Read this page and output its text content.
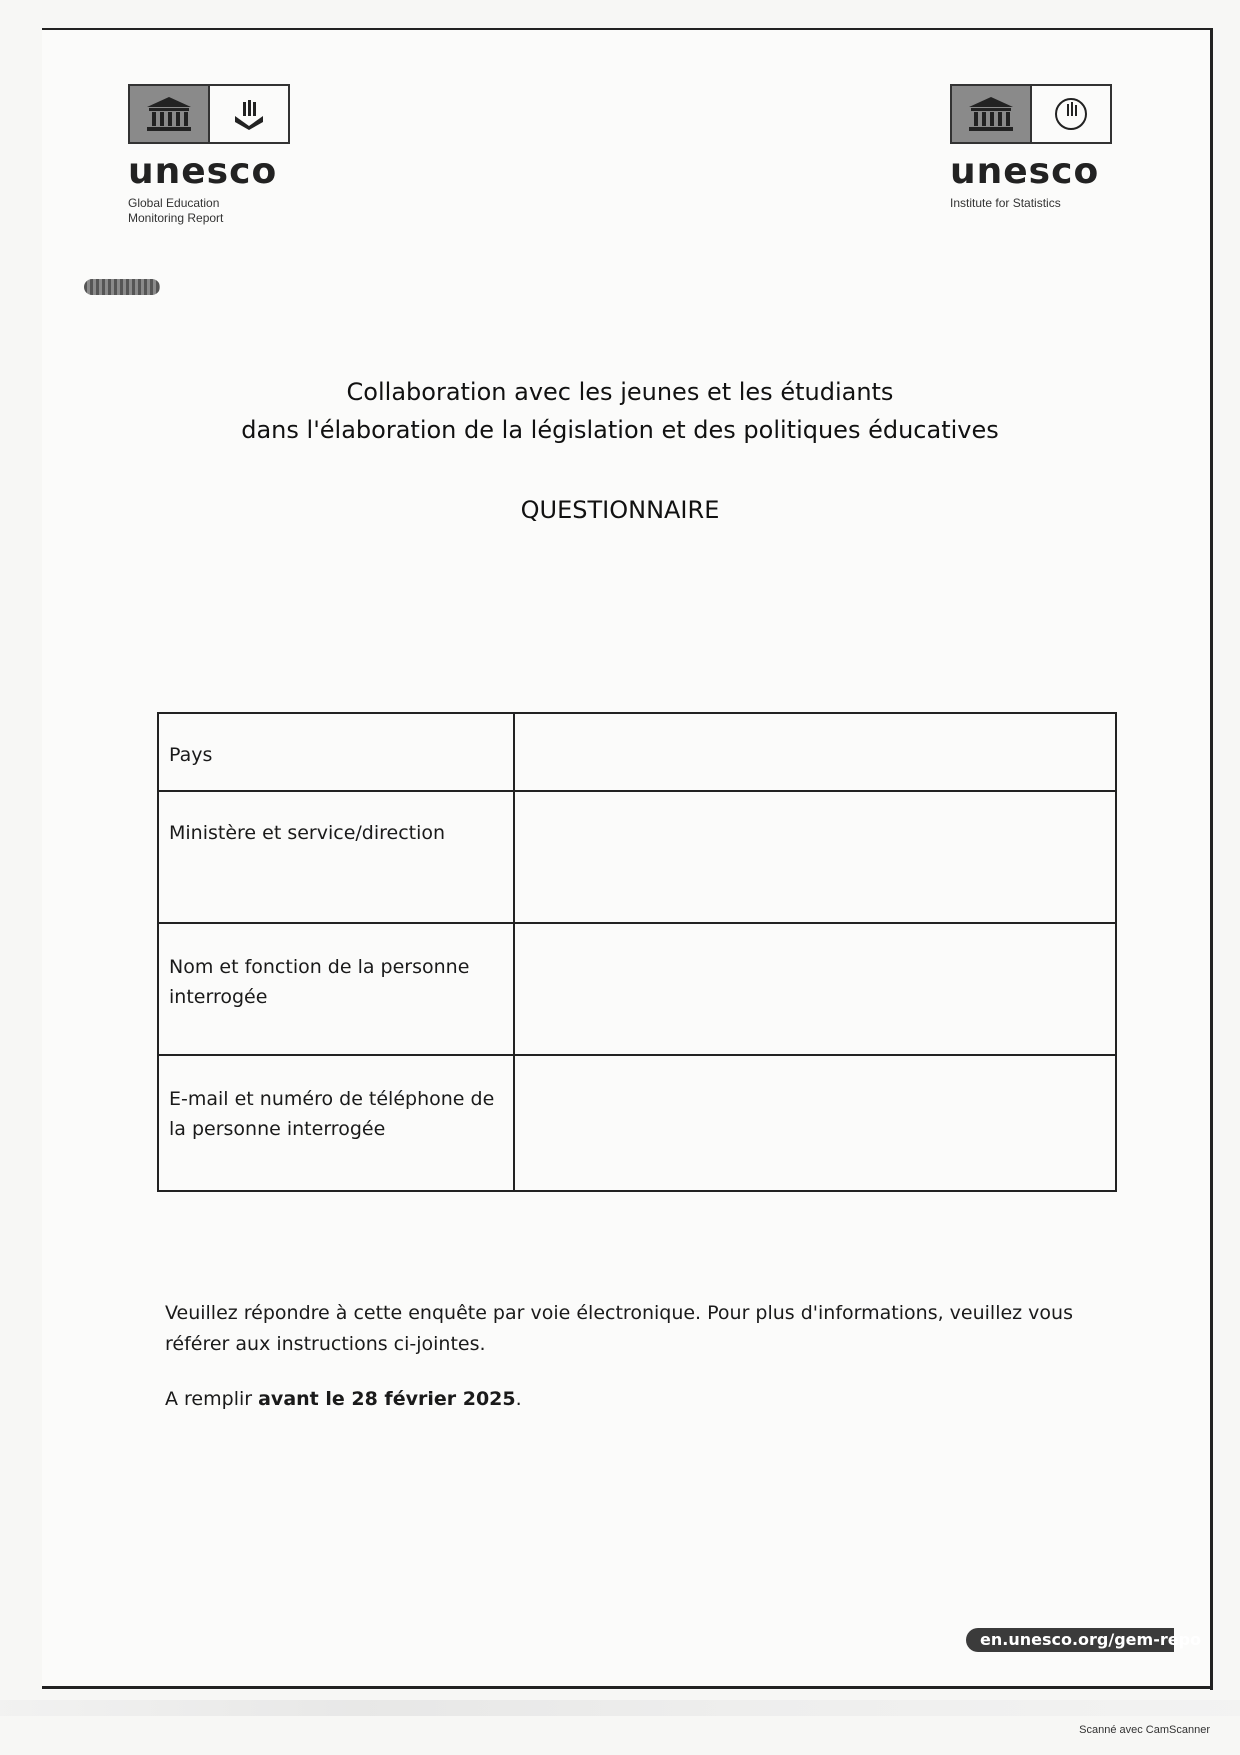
unesco
Global Education
Monitoring Report
unesco
Institute for Statistics
Collaboration avec les jeunes et les étudiants
dans l'élaboration de la législation et des politiques éducatives
QUESTIONNAIRE
Pays	
Ministère et service/direction	
Nom et fonction de la personne interrogée	
E-mail et numéro de téléphone de la personne interrogée	
Veuillez répondre à cette enquête par voie électronique. Pour plus d'informations, veuillez vous référer aux instructions ci-jointes.
A remplir avant le 28 février 2025.
en.unesco.org/gem-repo
Scanné avec CamScanner
